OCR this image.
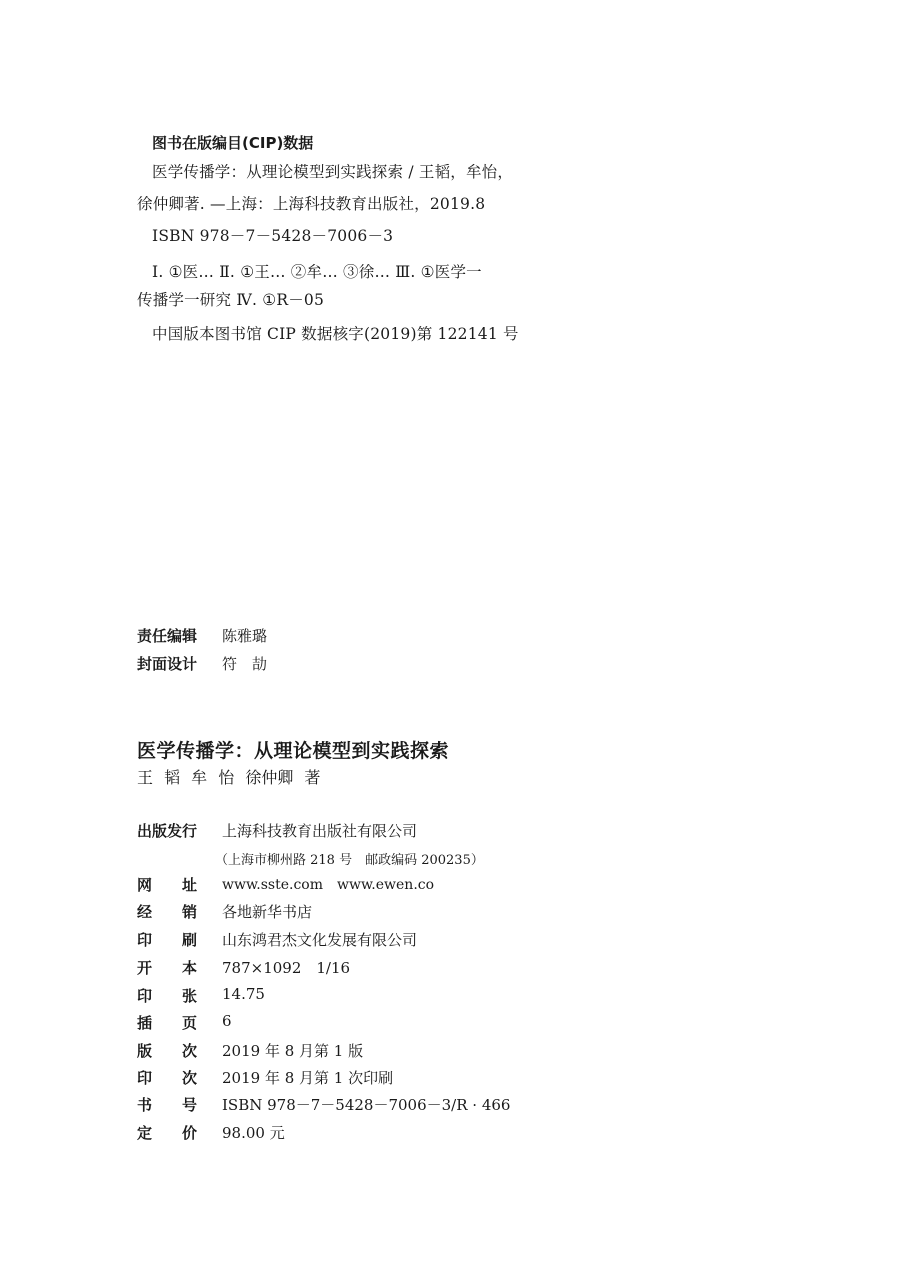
图书在版编目(CIP)数据
医学传播学：从理论模型到实践探索 / 王韬，牟怡，
徐仲卿著. —上海：上海科技教育出版社，2019.8
ISBN 978－7－5428－7006－3
Ⅰ. ①医… Ⅱ. ①王… ②牟… ③徐… Ⅲ. ①医学一
传播学一研究 Ⅳ. ①R－05
中国版本图书馆 CIP 数据核字(2019)第 122141 号
责任编辑 陈雅璐
封面设计 符　劼
医学传播学：从理论模型到实践探索
王 韬 牟 怡 徐仲卿 著
出版发行	上海科技教育出版社有限公司
（上海市柳州路 218 号　邮政编码 200235）
网　　址	www.sste.com　www.ewen.co
经　　销	各地新华书店
印　　刷	山东鸿君杰文化发展有限公司
开　　本	787×1092　1/16
印　　张	14.75
插　　页	6
版　　次	2019 年 8 月第 1 版
印　　次	2019 年 8 月第 1 次印刷
书　　号	ISBN 978－7－5428－7006－3/R · 466
定　　价	98.00 元
